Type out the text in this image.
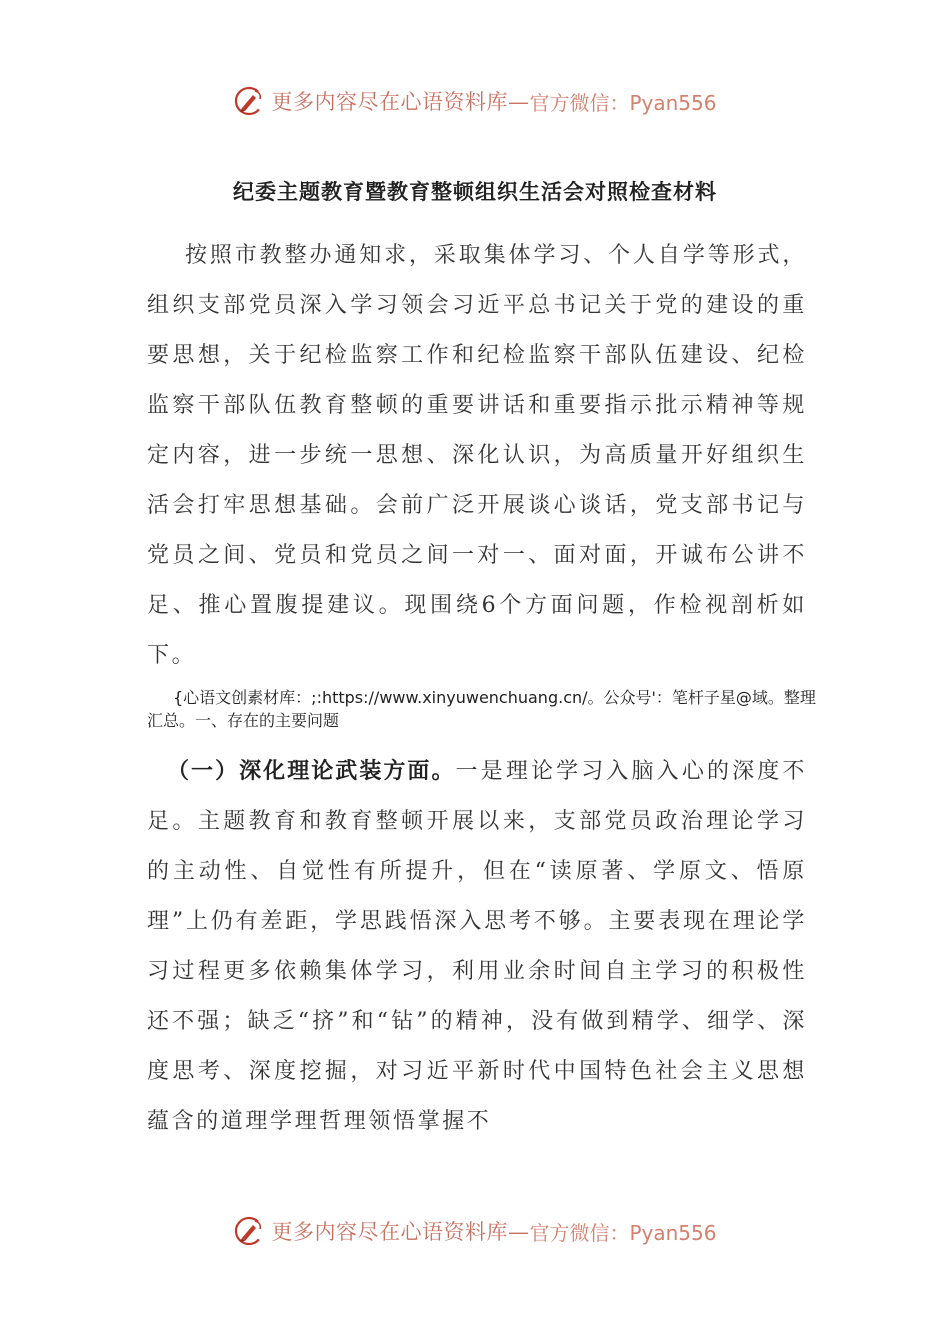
更多内容尽在心语资料库— 官方微信：Pyan556
纪委主题教育暨教育整顿组织生活会对照检查材料

按照市教整办通知求，采取集体学习、个人自学等形式，组织支部党员深入学习领会习近平总书记关于党的建设的重要思想，关于纪检监察工作和纪检监察干部队伍建设、纪检监察干部队伍教育整顿的重要讲话和重要指示批示精神等规定内容，进一步统一思想、深化认识，为高质量开好组织生活会打牢思想基础。会前广泛开展谈心谈话，党支部书记与党员之间、党员和党员之间一对一、面对面，开诚布公讲不足、推心置腹提建议。现围绕6个方面问题，作检视剖析如下。

{心语文创素材库：;:https://www.xinyuwenchuang.cn/。公众号'：笔杆子星@域。整理汇总。一、存在的主要问题

（一）深化理论武装方面。一是理论学习入脑入心的深度不足。主题教育和教育整顿开展以来，支部党员政治理论学习的主动性、自觉性有所提升，但在“读原著、学原文、悟原理”上仍有差距，学思践悟深入思考不够。主要表现在理论学习过程更多依赖集体学习，利用业余时间自主学习的积极性还不强；缺乏“挤”和“钻”的精神，没有做到精学、细学、深度思考、深度挖掘，对习近平新时代中国特色社会主义思想蕴含的道理学理哲理领悟掌握不

更多内容尽在心语资料库— 官方微信：Pyan556
